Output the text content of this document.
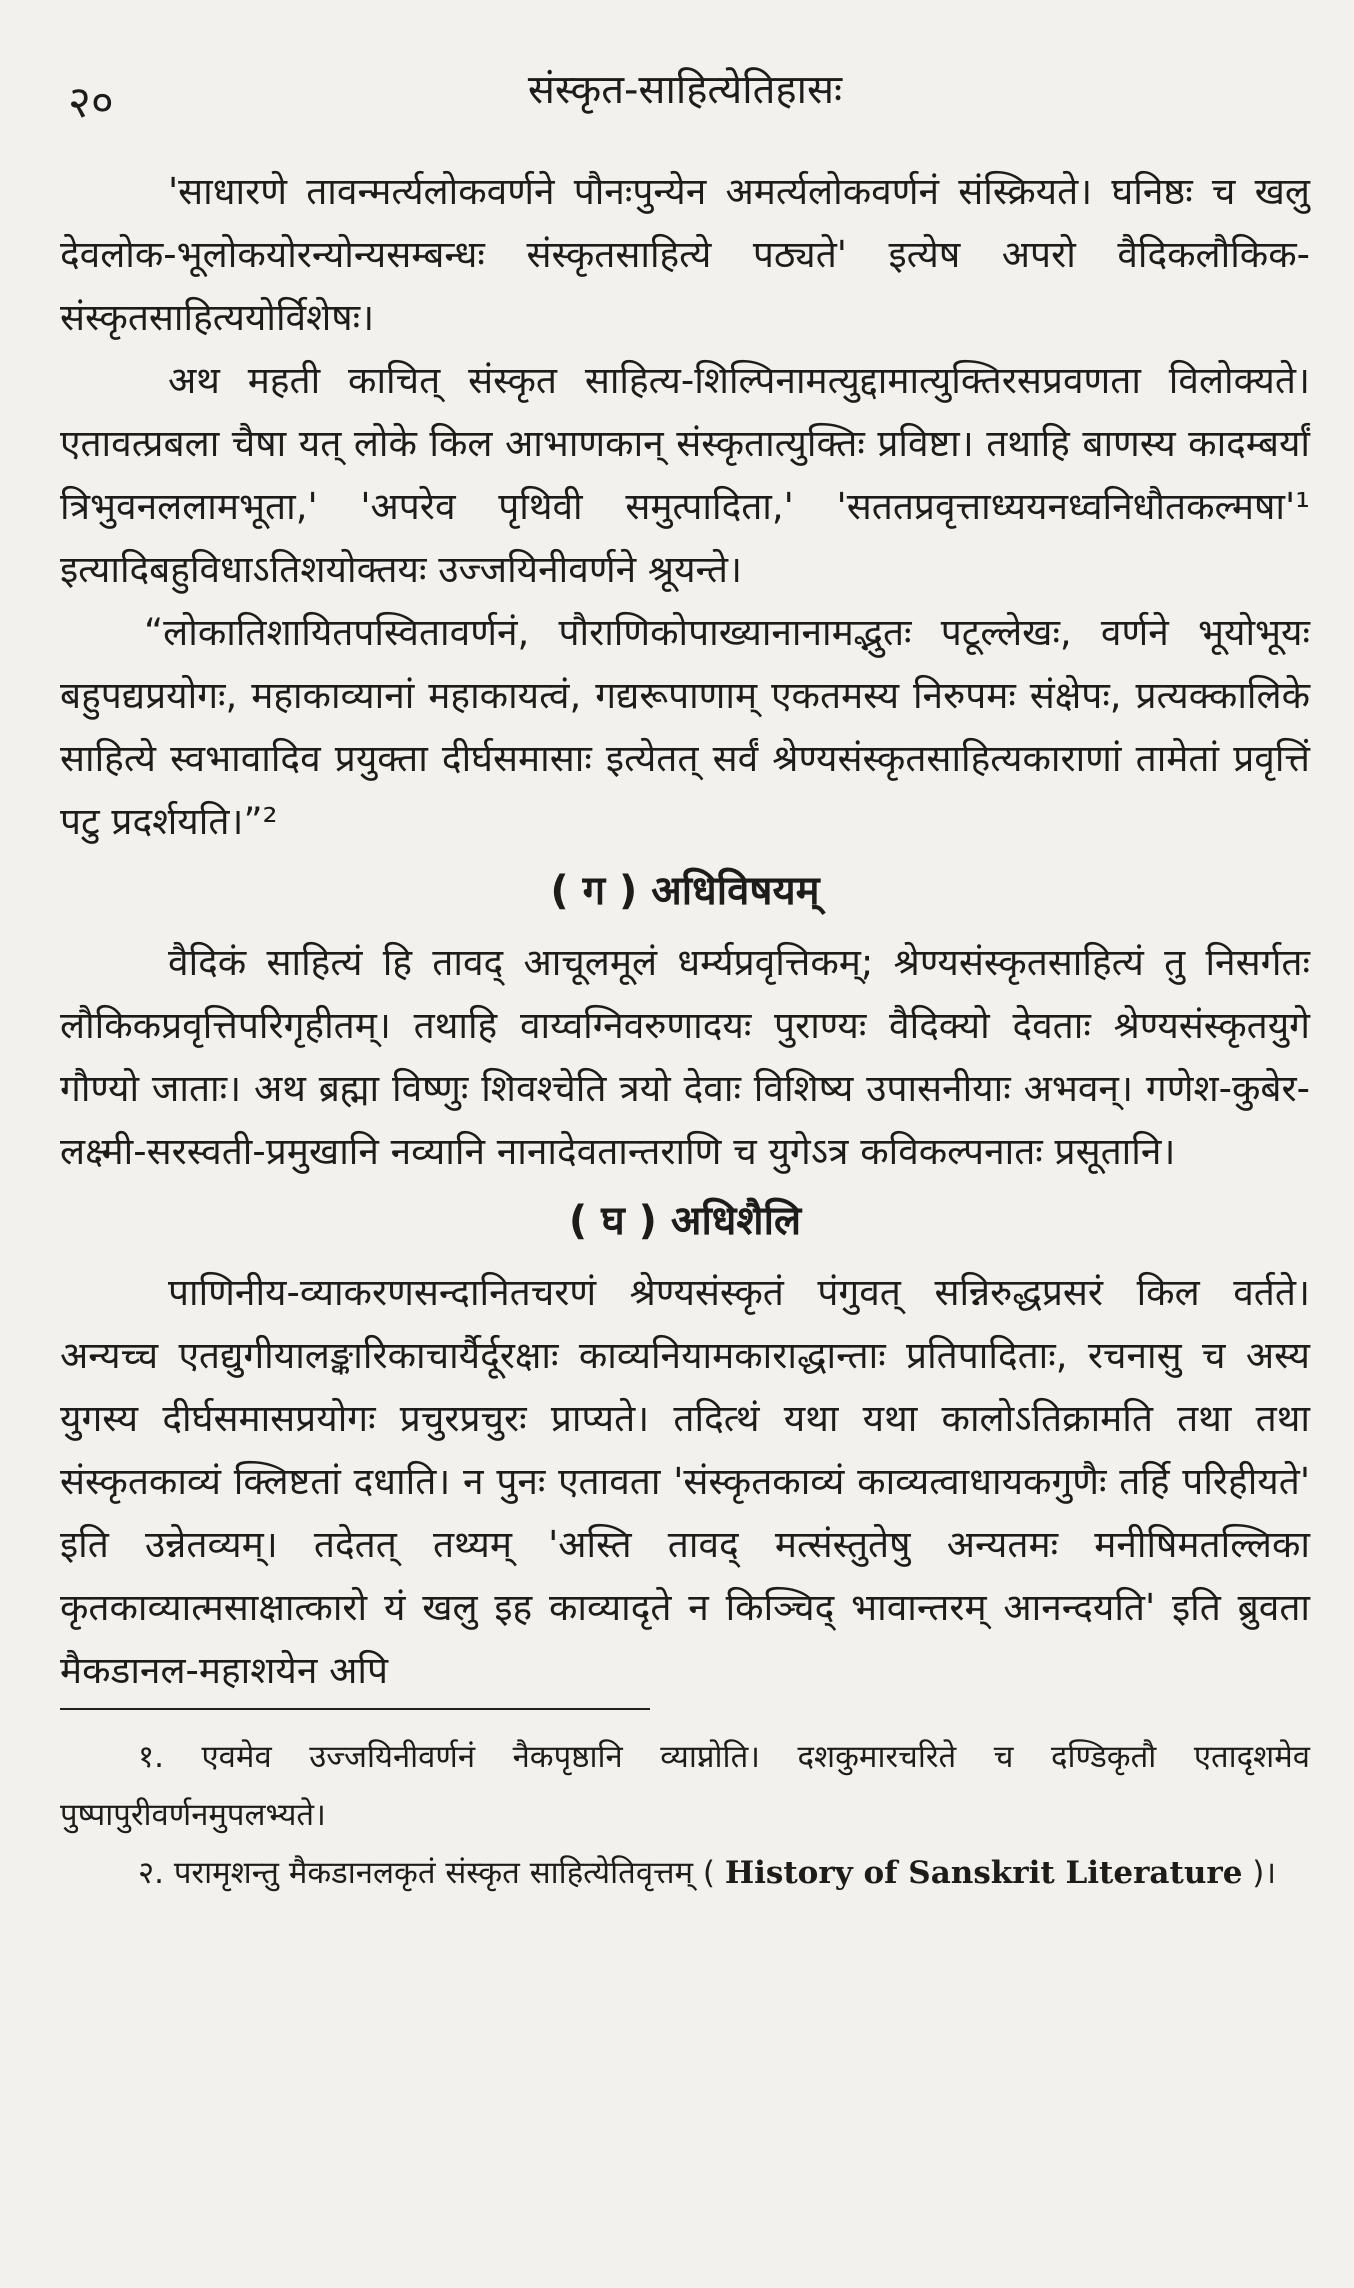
संस्कृत-साहित्येतिहासः
२०

'साधारणे तावन्मर्त्यलोकवर्णने पौनःपुन्येन अमर्त्यलोकवर्णनं संस्क्रियते। घनिष्ठः च खलु देवलोक-भूलोकयोरन्योन्यसम्बन्धः संस्कृतसाहित्ये पठ्यते' इत्येष अपरो वैदिकलौकिक-संस्कृतसाहित्ययोर्विशेषः।

अथ महती काचित् संस्कृत साहित्य-शिल्पिनामत्युद्दामात्युक्तिरसप्रवणता विलोक्यते। एतावत्प्रबला चैषा यत् लोके किल आभाणकान् संस्कृतात्युक्तिः प्रविष्टा। तथाहि बाणस्य कादम्बर्यां त्रिभुवनललामभूता,' 'अपरेव पृथिवी समुत्पादिता,' 'सततप्रवृत्ताध्ययनध्वनिधौतकल्मषा'¹ इत्यादिबहुविधाऽतिशयोक्तयः उज्जयिनीवर्णने श्रूयन्ते।

“लोकातिशायितपस्वितावर्णनं, पौराणिकोपाख्यानानामद्भुतः पटूल्लेखः, वर्णने भूयोभूयः बहुपद्यप्रयोगः, महाकाव्यानां महाकायत्वं, गद्यरूपाणाम् एकतमस्य निरुपमः संक्षेपः, प्रत्यक्कालिके साहित्ये स्वभावादिव प्रयुक्ता दीर्घसमासाः इत्येतत् सर्वं श्रेण्यसंस्कृतसाहित्यकाराणां तामेतां प्रवृत्तिं पटु प्रदर्शयति।”²

( ग ) अधिविषयम्

वैदिकं साहित्यं हि तावद् आचूलमूलं धर्म्यप्रवृत्तिकम्; श्रेण्यसंस्कृतसाहित्यं तु निसर्गतः लौकिकप्रवृत्तिपरिगृहीतम्। तथाहि वाय्वग्निवरुणादयः पुराण्यः वैदिक्यो देवताः श्रेण्यसंस्कृतयुगे गौण्यो जाताः। अथ ब्रह्मा विष्णुः शिवश्चेति त्रयो देवाः विशिष्य उपासनीयाः अभवन्। गणेश-कुबेर-लक्ष्मी-सरस्वती-प्रमुखानि नव्यानि नानादेवतान्तराणि च युगेऽत्र कविकल्पनातः प्रसूतानि।

( घ ) अधिशैलि

पाणिनीय-व्याकरणसन्दानितचरणं श्रेण्यसंस्कृतं पंगुवत् सन्निरुद्धप्रसरं किल वर्तते। अन्यच्च एतद्युगीयालङ्कारिकाचार्यैर्दूरक्षाः काव्यनियामकाराद्धान्ताः प्रतिपादिताः, रचनासु च अस्य युगस्य दीर्घसमासप्रयोगः प्रचुरप्रचुरः प्राप्यते। तदित्थं यथा यथा कालोऽतिक्रामति तथा तथा संस्कृतकाव्यं क्लिष्टतां दधाति। न पुनः एतावता 'संस्कृतकाव्यं काव्यत्वाधायकगुणैः तर्हि परिहीयते' इति उन्नेतव्यम्। तदेतत् तथ्यम् 'अस्ति तावद् मत्संस्तुतेषु अन्यतमः मनीषिमतल्लिका कृतकाव्यात्मसाक्षात्कारो यं खलु इह काव्यादृते न किञ्चिद् भावान्तरम् आनन्दयति' इति ब्रुवता मैकडानल-महाशयेन अपि

१. एवमेव उज्जयिनीवर्णनं नैकपृष्ठानि व्याप्नोति। दशकुमारचरिते च दण्डिकृतौ एतादृशमेव पुष्पापुरीवर्णनमुपलभ्यते।

२. परामृशन्तु मैकडानलकृतं संस्कृत साहित्येतिवृत्तम् ( History of Sanskrit Literature )।
